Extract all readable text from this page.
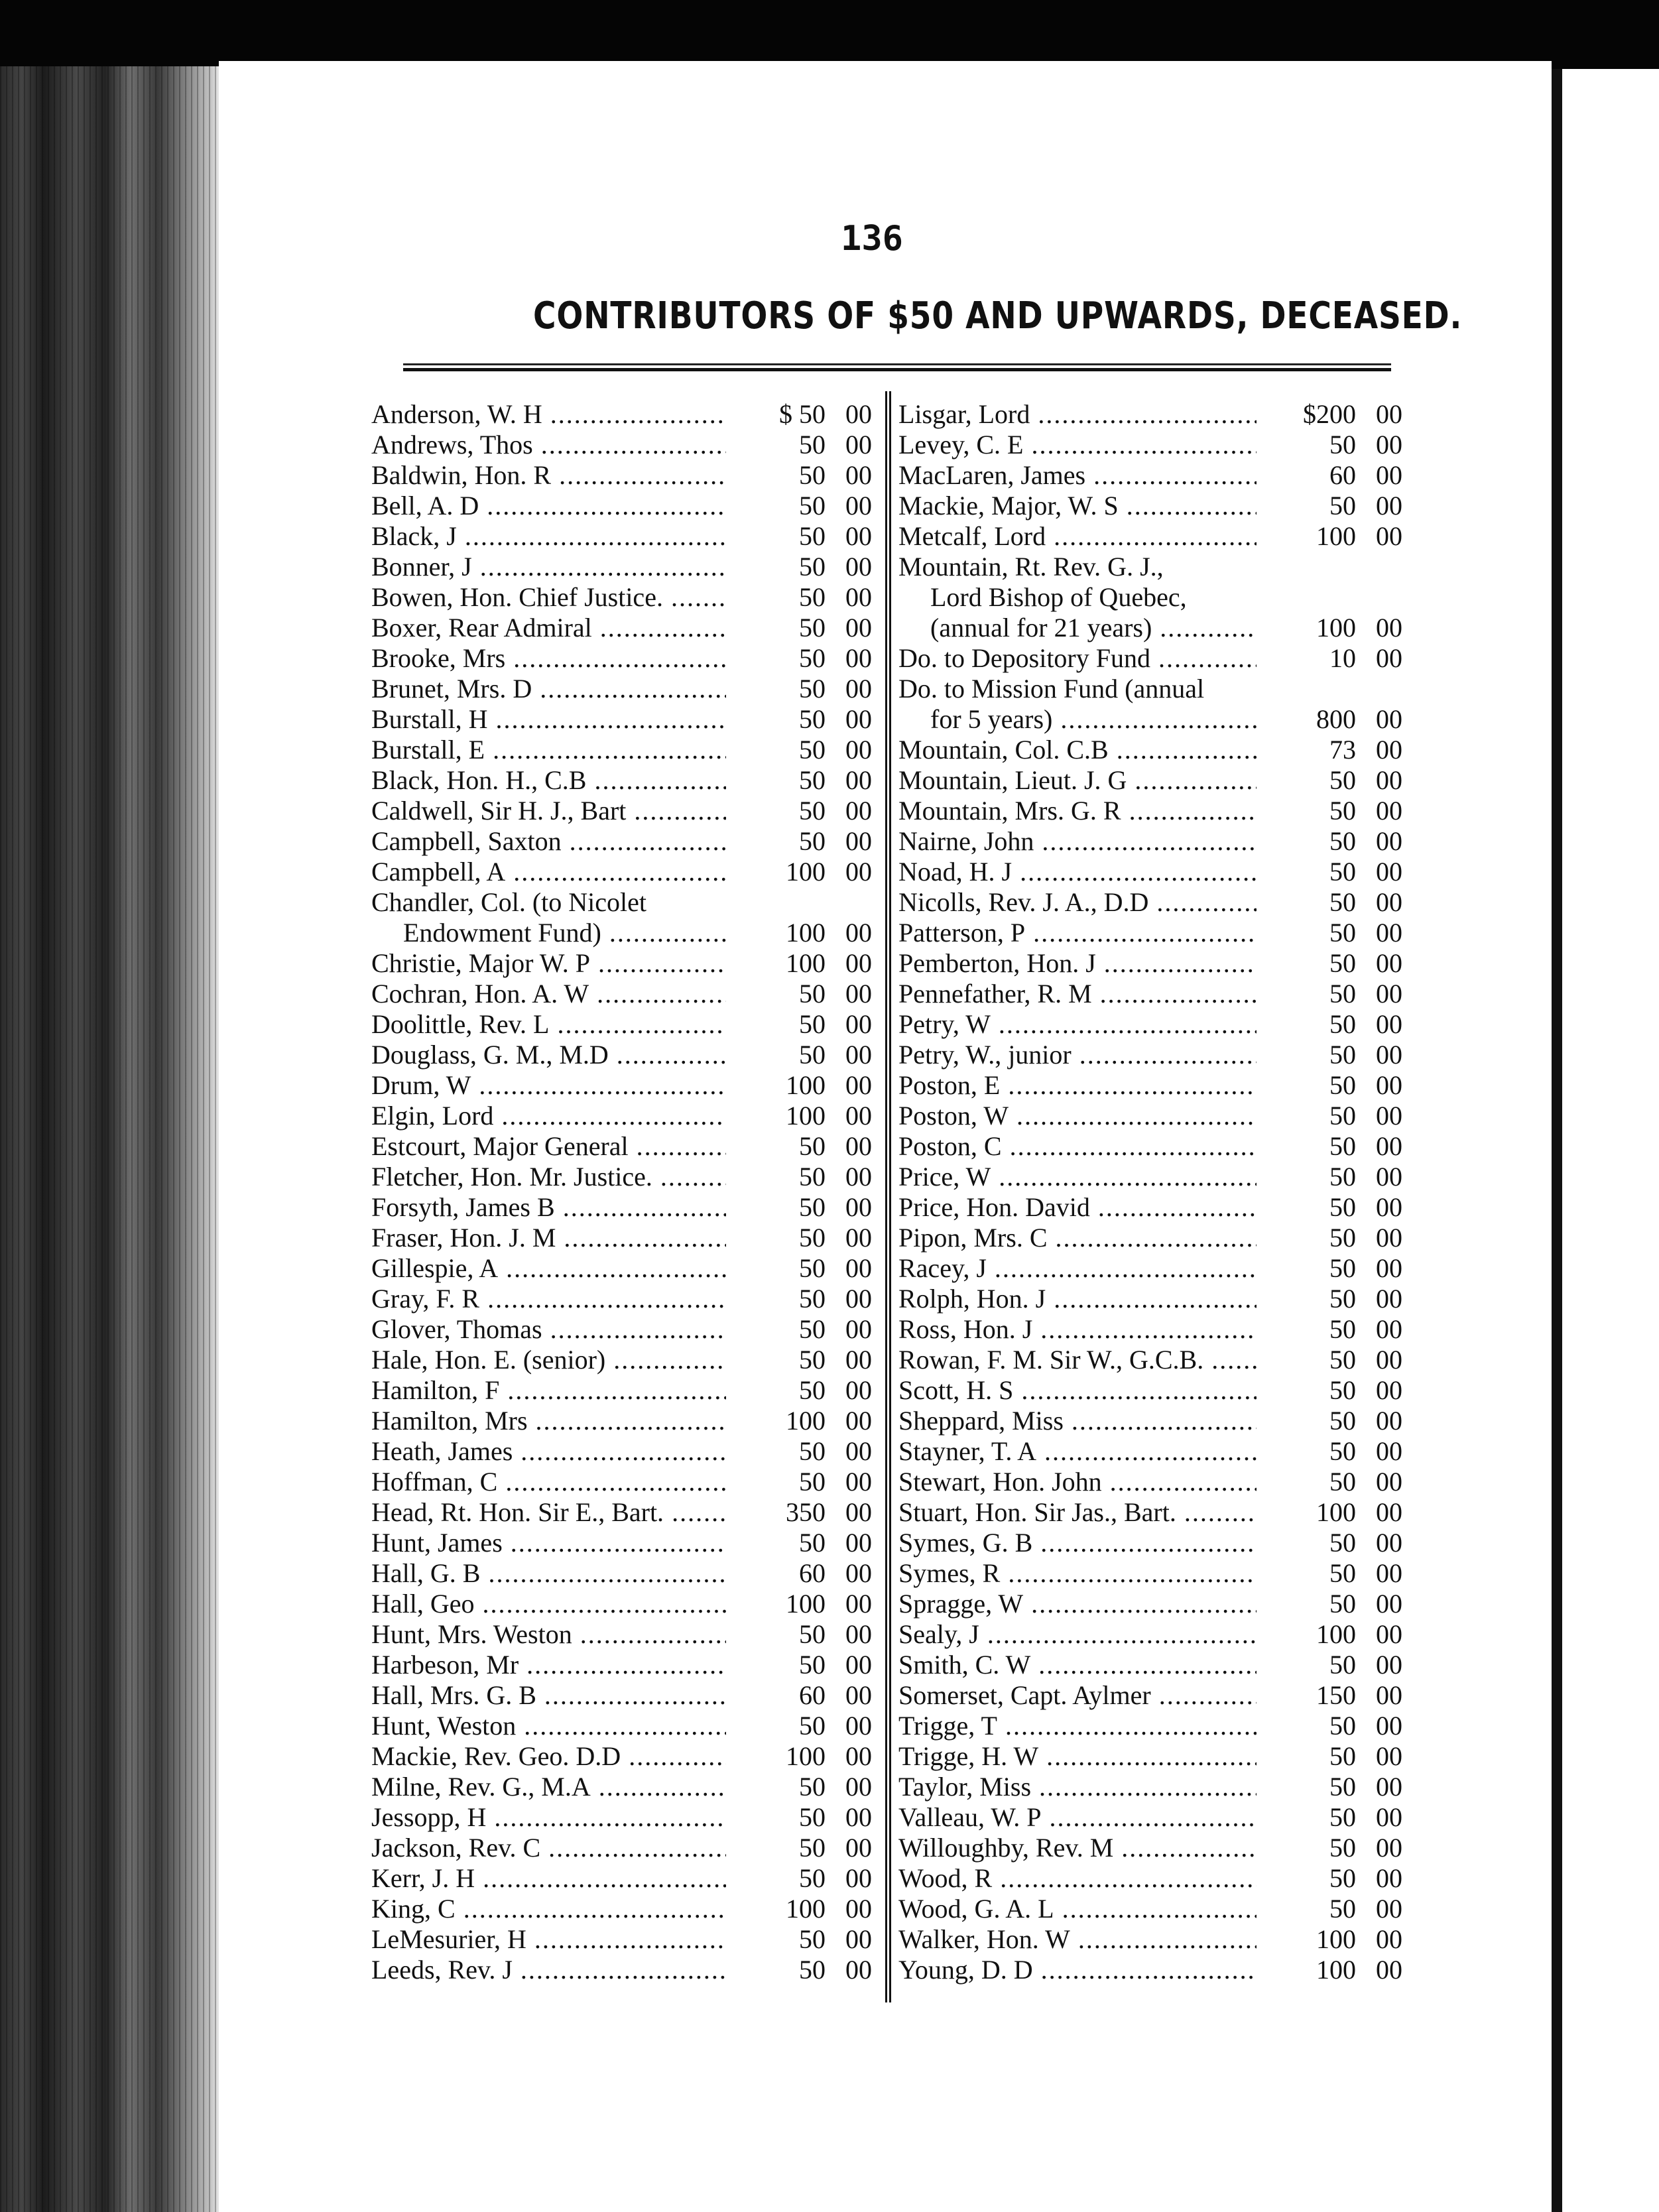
136
CONTRIBUTORS OF $50 AND UPWARDS, DECEASED.
Anderson, W. H .....	$ 50 00
Andrews, Thos .....	50 00
Baldwin, Hon. R .....	50 00
Bell, A. D .....	50 00
Black, J .....	50 00
Bonner, J .....	50 00
Bowen, Hon. Chief Justice. .....	50 00
Boxer, Rear Admiral .....	50 00
Brooke, Mrs .....	50 00
Brunet, Mrs. D .....	50 00
Burstall, H .....	50 00
Burstall, E .....	50 00
Black, Hon. H., C.B .....	50 00
Caldwell, Sir H. J., Bart .....	50 00
Campbell, Saxton .....	50 00
Campbell, A .....	100 00
Chandler, Col. (to Nicolet
Endowment Fund) .....	100 00
Christie, Major W. P .....	100 00
Cochran, Hon. A. W .....	50 00
Doolittle, Rev. L .....	50 00
Douglass, G. M., M.D .....	50 00
Drum, W .....	100 00
Elgin, Lord .....	100 00
Estcourt, Major General .....	50 00
Fletcher, Hon. Mr. Justice. .....	50 00
Forsyth, James B .....	50 00
Fraser, Hon. J. M .....	50 00
Gillespie, A .....	50 00
Gray, F. R .....	50 00
Glover, Thomas .....	50 00
Hale, Hon. E. (senior) .....	50 00
Hamilton, F .....	50 00
Hamilton, Mrs .....	100 00
Heath, James .....	50 00
Hoffman, C .....	50 00
Head, Rt. Hon. Sir E., Bart. .....	350 00
Hunt, James .....	50 00
Hall, G. B .....	60 00
Hall, Geo .....	100 00
Hunt, Mrs. Weston .....	50 00
Harbeson, Mr .....	50 00
Hall, Mrs. G. B .....	60 00
Hunt, Weston .....	50 00
Mackie, Rev. Geo. D.D .....	100 00
Milne, Rev. G., M.A .....	50 00
Jessopp, H .....	50 00
Jackson, Rev. C .....	50 00
Kerr, J. H .....	50 00
King, C .....	100 00
LeMesurier, H .....	50 00
Leeds, Rev. J .....	50 00
Lisgar, Lord .....	$200 00
Levey, C. E .....	50 00
MacLaren, James .....	60 00
Mackie, Major, W. S .....	50 00
Metcalf, Lord .....	100 00
Mountain, Rt. Rev. G. J.,
Lord Bishop of Quebec,
(annual for 21 years) .....	100 00
Do. to Depository Fund .....	10 00
Do. to Mission Fund (annual
for 5 years) .....	800 00
Mountain, Col. C.B .....	73 00
Mountain, Lieut. J. G .....	50 00
Mountain, Mrs. G. R .....	50 00
Nairne, John .....	50 00
Noad, H. J .....	50 00
Nicolls, Rev. J. A., D.D .....	50 00
Patterson, P .....	50 00
Pemberton, Hon. J .....	50 00
Pennefather, R. M .....	50 00
Petry, W .....	50 00
Petry, W., junior .....	50 00
Poston, E .....	50 00
Poston, W .....	50 00
Poston, C .....	50 00
Price, W .....	50 00
Price, Hon. David .....	50 00
Pipon, Mrs. C .....	50 00
Racey, J .....	50 00
Rolph, Hon. J .....	50 00
Ross, Hon. J .....	50 00
Rowan, F. M. Sir W., G.C.B. .....	50 00
Scott, H. S .....	50 00
Sheppard, Miss .....	50 00
Stayner, T. A .....	50 00
Stewart, Hon. John .....	50 00
Stuart, Hon. Sir Jas., Bart. .....	100 00
Symes, G. B .....	50 00
Symes, R .....	50 00
Spragge, W .....	50 00
Sealy, J .....	100 00
Smith, C. W .....	50 00
Somerset, Capt. Aylmer .....	150 00
Trigge, T .....	50 00
Trigge, H. W .....	50 00
Taylor, Miss .....	50 00
Valleau, W. P .....	50 00
Willoughby, Rev. M .....	50 00
Wood, R .....	50 00
Wood, G. A. L .....	50 00
Walker, Hon. W .....	100 00
Young, D. D .....	100 00
